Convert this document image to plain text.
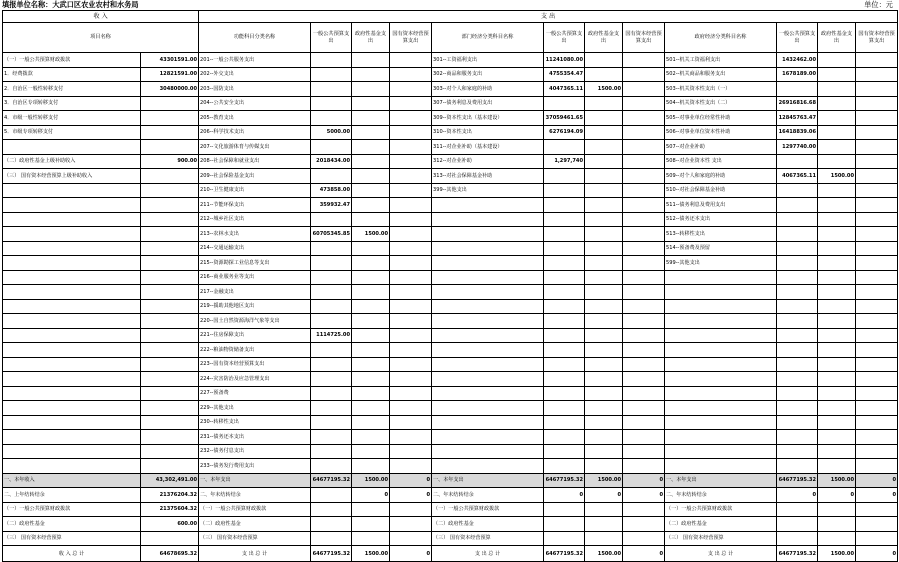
填报单位名称：大武口区农业农村和水务局	单位：元
收 入		支 出											
项目名称		功能科目分类名称	一般公共预算支出	政府性基金支出	国有资本经营预算支出	部门经济分类科目名称	一般公共预算支出	政府性基金支出	国有资本经营预算支出	政府经济分类科目名称	一般公共预算支出	政府性基金支出	国有资本经营预算支出
（一）一般公共预算财政拨款	43301591.00	201--一般公共服务支出				301--工资福利支出	11241080.00			501--机关工资福利支出	1432462.00		
1．经费拨款	12821591.00	202--外交支出				302--商品和服务支出	4755354.47			502--机关商品和服务支出	1678189.00		
2．自治区一般性转移支付	30480000.00	203--国防支出				303--对个人和家庭的补助	4047365.11	1500.00		503--机关资本性支出（一）			
3．自治区专项转移支付		204--公共安全支出				307--债务利息及费用支出				504--机关资本性支出（二）	26916816.68		
4．市级一般性转移支付		205--教育支出				309--资本性支出（基本建设）	37059461.65			505--对事业单位经常性补助	12845763.47		
5．市级专项转移支付		206--科学技术支出	5000.00			310--资本性支出	6276194.09			506--对事业单位资本性补助	16418839.06		
		207--文化旅游体育与传媒支出				311--对企业补助（基本建设）				507--对企业补助	1297740.00		
（二）政府性基金上级补助收入	900.00	208--社会保障和就业支出	2018434.00			312--对企业补助	1,297,740			508--对企业资本性 支出			
（三） 国有资本经营预算上级补助收入		209--社会保险基金支出				313--对社会保障基金补助				509--对个人和家庭的补助	4067365.11	1500.00	
		210--卫生健康支出	473858.00			399--其他支出				510--对社会保障基金补助			
		211--节能环保支出	359932.47							511--债务利息及费用支出			
		212--城乡社区支出								512--债务还本支出			
		213--农林水支出	60705345.85	1500.00						513--转移性支出			
		214--交通运输支出								514--预备费及预留			
		215--资源勘探工业信息等支出								599--其他支出			
		216--商业服务业等支出											
		217--金融支出											
		219--援助其他地区支出											
		220--国土自然资源海洋气象等支出											
		221--住房保障支出	1114725.00										
		222--粮油物资储备支出											
		223--国有资本经营预算支出											
		224--灾害防治及应急管理支出											
		227--预备费											
		229--其他支出											
		230--转移性支出											
		231--债务还本支出											
		232--债务付息支出											
		233--债务发行费用支出											
一、本年收入	43,302,491.00	一、本年支出	64677195.32	1500.00	0	一、本年支出	64677195.32	1500.00	0	一、本年支出	64677195.32	1500.00	0
二、上年结转结余	21376204.32	二、年末结转结余		0	0	二、年末结转结余	0	0	0	二、年末结转结余	0	0	0
（一）一般公共预算财政拨款	21375604.32	（一）一般公共预算财政拨款				（一）一般公共预算财政拨款				（一）一般公共预算财政拨款			
（二）政府性基金	600.00	（二）政府性基金				（二）政府性基金				（二）政府性基金			
（三） 国有资本经营预算		（三） 国有资本经营预算				（三） 国有资本经营预算				（三） 国有资本经营预算			
收 入 总 计	64678695.32	支 出 总 计	64677195.32	1500.00	0	支 出 总 计	64677195.32	1500.00	0	支 出 总 计	64677195.32	1500.00	0
